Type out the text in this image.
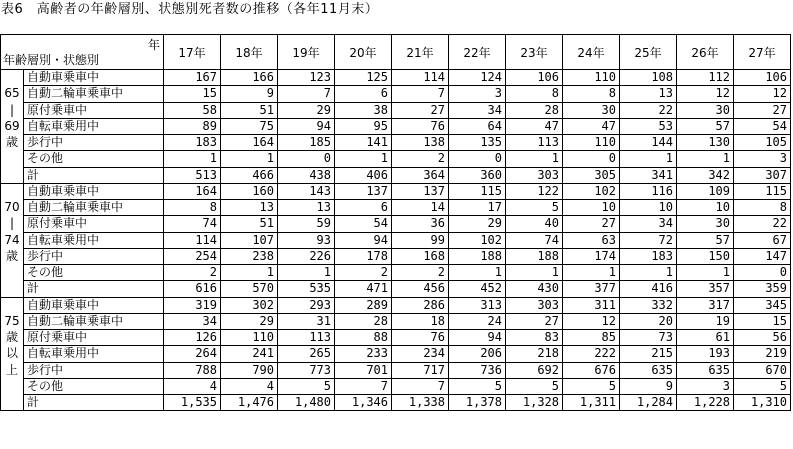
表6　高齢者の年齢層別、状態別死者数の推移（各年11月末）
年
年齢層別・状態別		17年	18年	19年	20年	21年	22年	23年	24年	25年	26年	27年
	自動車乗車中	167	166	123	125	114	124	106	110	108	112	106
65	自動二輪車乗車中	15	9	7	6	7	3	8	8	13	12	12
|	原付乗車中	58	51	29	38	27	34	28	30	22	30	27
69	自転車乗用中	89	75	94	95	76	64	47	47	53	57	54
歳	歩行中	183	164	185	141	138	135	113	110	144	130	105
	その他	1	1	0	1	2	0	1	0	1	1	3
	計	513	466	438	406	364	360	303	305	341	342	307
	自動車乗車中	164	160	143	137	137	115	122	102	116	109	115
70	自動二輪車乗車中	8	13	13	6	14	17	5	10	10	10	8
|	原付乗車中	74	51	59	54	36	29	40	27	34	30	22
74	自転車乗用中	114	107	93	94	99	102	74	63	72	57	67
歳	歩行中	254	238	226	178	168	188	188	174	183	150	147
	その他	2	1	1	2	2	1	1	1	1	1	0
	計	616	570	535	471	456	452	430	377	416	357	359
	自動車乗車中	319	302	293	289	286	313	303	311	332	317	345
75	自動二輪車乗車中	34	29	31	28	18	24	27	12	20	19	15
歳	原付乗車中	126	110	113	88	76	94	83	85	73	61	56
以	自転車乗用中	264	241	265	233	234	206	218	222	215	193	219
上	歩行中	788	790	773	701	717	736	692	676	635	635	670
	その他	4	4	5	7	7	5	5	5	9	3	5
	計	1,535	1,476	1,480	1,346	1,338	1,378	1,328	1,311	1,284	1,228	1,310
